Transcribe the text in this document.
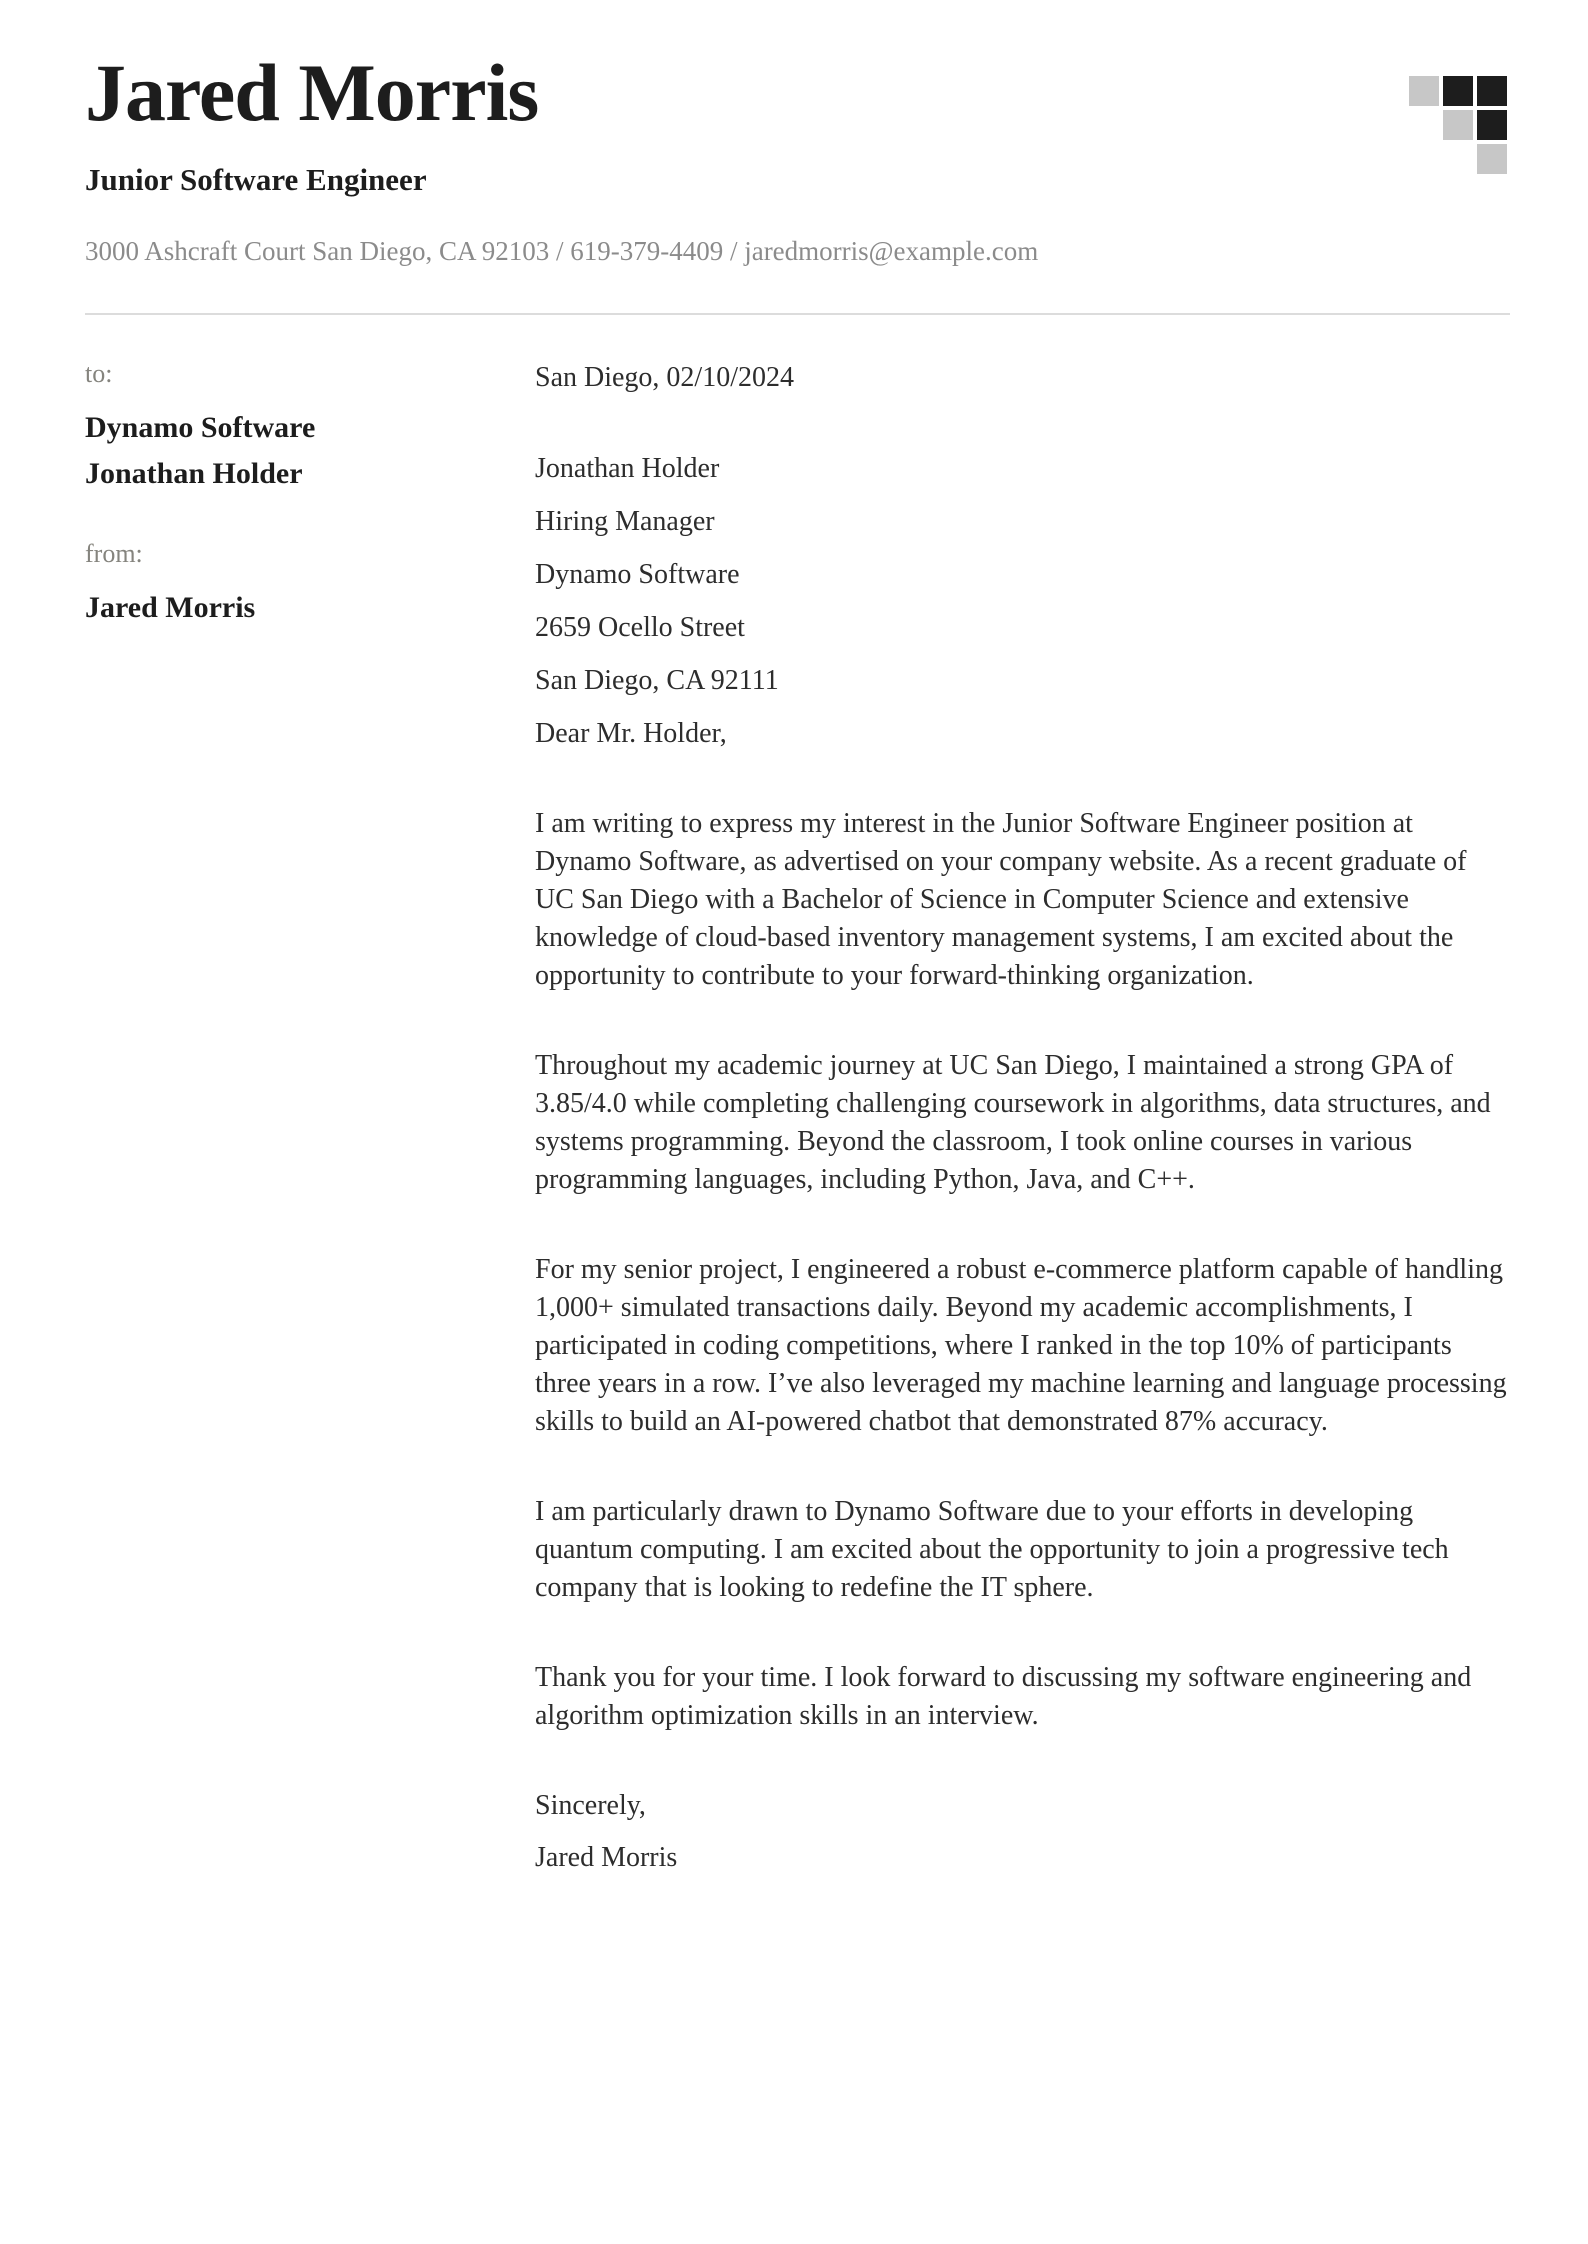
Jared Morris
Junior Software Engineer
3000 Ashcraft Court San Diego, CA 92103 / 619-379-4409 / jaredmorris@example.com

to:

Dynamo Software

Jonathan Holder

from:

Jared Morris

San Diego, 02/10/2024

Jonathan Holder

Hiring Manager

Dynamo Software

2659 Ocello Street

San Diego, CA 92111

Dear Mr. Holder,

I am writing to express my interest in the Junior Software Engineer position at Dynamo Software, as advertised on your company website. As a recent graduate of UC San Diego with a Bachelor of Science in Computer Science and extensive knowledge of cloud-based inventory management systems, I am excited about the opportunity to contribute to your forward-thinking organization.

Throughout my academic journey at UC San Diego, I maintained a strong GPA of 3.85/4.0 while completing challenging coursework in algorithms, data structures, and systems programming. Beyond the classroom, I took online courses in various programming languages, including Python, Java, and C++.

For my senior project, I engineered a robust e-commerce platform capable of handling 1,000+ simulated transactions daily. Beyond my academic accomplishments, I participated in coding competitions, where I ranked in the top 10% of participants three years in a row. I’ve also leveraged my machine learning and language processing skills to build an AI-powered chatbot that demonstrated 87% accuracy.

I am particularly drawn to Dynamo Software due to your efforts in developing quantum computing. I am excited about the opportunity to join a progressive tech company that is looking to redefine the IT sphere.

Thank you for your time. I look forward to discussing my software engineering and algorithm optimization skills in an interview.

Sincerely,

Jared Morris
